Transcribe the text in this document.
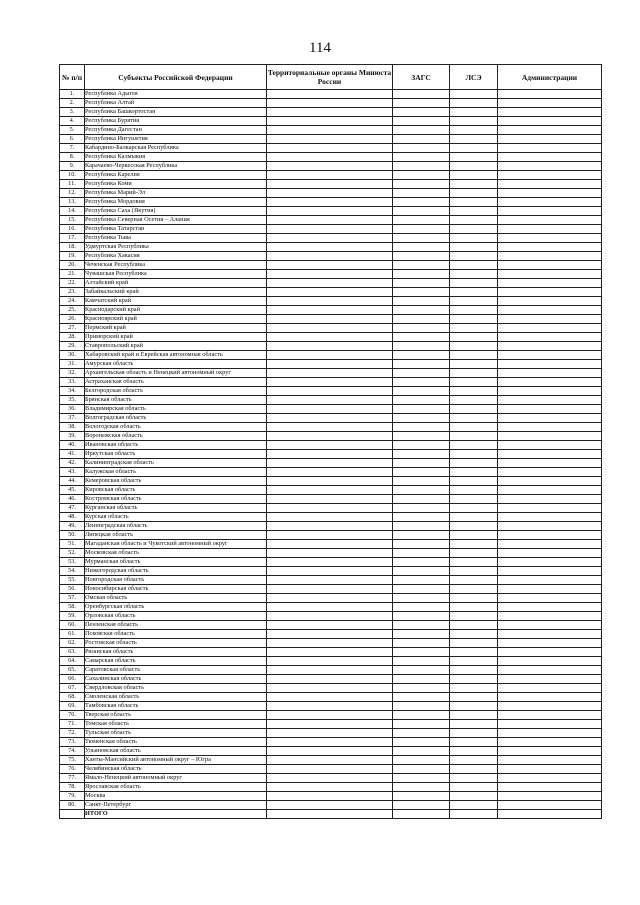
114
№ п/п	Субъекты Российской Федерации	Территориальные органы Минюста России	ЗАГС	ЛСЭ	Администрации
1.	Республика Адыгея				
2.	Республика Алтай				
3.	Республика Башкортостан				
4.	Республика Бурятия				
5.	Республика Дагестан				
6.	Республика Ингушетия				
7.	Кабардино-Балкарская Республика				
8.	Республика Калмыкия				
9.	Карачаево-Черкесская Республика				
10.	Республика Карелия				
11.	Республика Коми				
12.	Республика Марий-Эл				
13.	Республика Мордовия				
14.	Республика Саха (Якутия)				
15.	Республика Северная Осетия – Алания				
16.	Республика Татарстан				
17.	Республика Тыва				
18.	Удмуртская Республика				
19.	Республика Хакасия				
20.	Чеченская Республика				
21.	Чувашская Республика				
22.	Алтайский край				
23.	Забайкальский край				
24.	Камчатский край				
25.	Краснодарский край				
26.	Красноярский край				
27.	Пермский край				
28.	Приморский край				
29.	Ставропольский край				
30.	Хабаровский край и Еврейская автономная область				
31.	Амурская область				
32.	Архангельская область и Ненецкий автономный округ				
33.	Астраханская область				
34.	Белгородская область				
35.	Брянская область				
36.	Владимирская область				
37.	Волгоградская область				
38.	Вологодская область				
39.	Воронежская область				
40.	Ивановская область				
41.	Иркутская область				
42.	Калининградская область				
43.	Калужская область				
44.	Кемеровская область				
45.	Кировская область				
46.	Костромская область				
47.	Курганская область				
48.	Курская область				
49.	Ленинградская область				
50.	Липецкая область				
51.	Магаданская область и Чукотский автономный округ				
52.	Московская область				
53.	Мурманская область				
54.	Нижегородская область				
55.	Новгородская область				
56.	Новосибирская область				
57.	Омская область				
58.	Оренбургская область				
59.	Орловская область				
60.	Пензенская область				
61.	Псковская область				
62.	Ростовская область				
63.	Рязанская область				
64.	Самарская область				
65.	Саратовская область				
66.	Сахалинская область				
67.	Свердловская область				
68.	Смоленская область				
69.	Тамбовская область				
70.	Тверская область				
71.	Томская область				
72.	Тульская область				
73.	Тюменская область				
74.	Ульяновская область				
75.	Ханты-Мансийский автономный округ – Югра				
76.	Челябинская область				
77.	Ямало-Ненецкий автономный округ				
78.	Ярославская область				
79.	Москва				
80.	Санкт-Петербург				
	ИТОГО				
